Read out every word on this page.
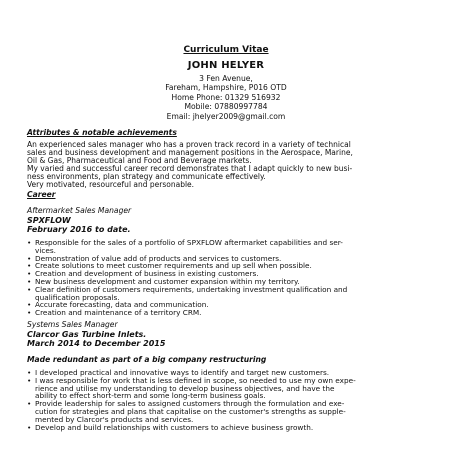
Curriculum Vitae
JOHN HELYER
3 Fen Avenue,
Fareham, Hampshire, P016 OTD
Home Phone: 01329 516932
Mobile: 07880997784
Email: jhelyer2009@gmail.com
Attributes & notable achievements
An experienced sales manager who has a proven track record in a variety of technical
sales and business development and management positions in the Aerospace, Marine,
Oil & Gas, Pharmaceutical and Food and Beverage markets.
My varied and successful career record demonstrates that I adapt quickly to new busi-
ness environments, plan strategy and communicate effectively.
Very motivated, resourceful and personable.
Career
Aftermarket Sales Manager
SPXFLOW
February 2016 to date.
• Responsible for the sales of a portfolio of SPXFLOW aftermarket capabilities and ser-
vices.
• Demonstration of value add of products and services to customers.
• Create solutions to meet customer requirements and up sell when possible.
• Creation and development of business in existing customers.
• New business development and customer expansion within my territory.
• Clear definition of customers requirements, undertaking investment qualification and
qualification proposals.
• Accurate forecasting, data and communication.
• Creation and maintenance of a territory CRM.
Systems Sales Manager
Clarcor Gas Turbine Inlets.
March 2014 to December 2015
Made redundant as part of a big company restructuring
• I developed practical and innovative ways to identify and target new customers.
• I was responsible for work that is less defined in scope, so needed to use my own expe-
rience and utilise my understanding to develop business objectives, and have the
ability to effect short-term and some long-term business goals.
• Provide leadership for sales to assigned customers through the formulation and exe-
cution for strategies and plans that capitalise on the customer's strengths as supple-
mented by Clarcor's products and services.
• Develop and build relationships with customers to achieve business growth.
